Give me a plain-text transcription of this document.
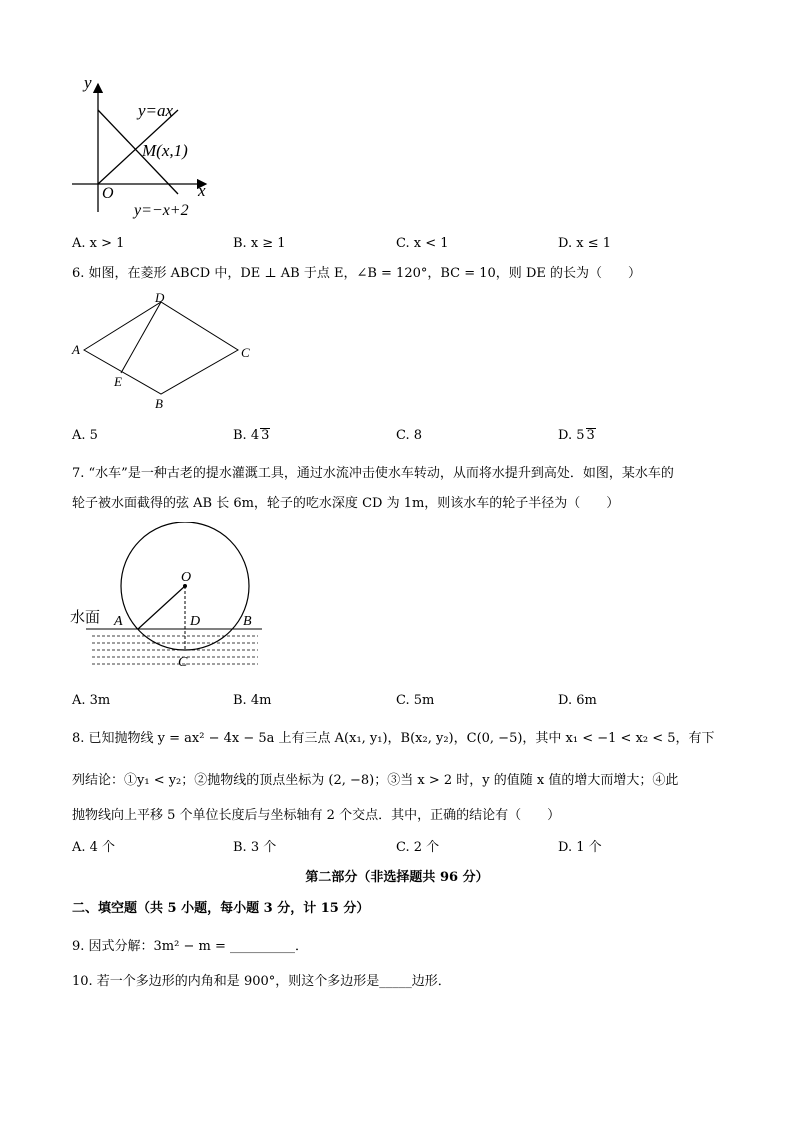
y
x
O
y=ax
M(x,1)
y=−x+2
A. x > 1	B. x ≥ 1	C. x < 1	D. x ≤ 1
6. 如图，在菱形 ABCD 中，DE ⊥ AB 于点 E，∠B = 120°，BC = 10，则 DE 的长为（　　）
A
D
C
E
B
A. 5	B. 4 3	C. 8	D. 5 3
7. “水车”是一种古老的提水灌溉工具，通过水流冲击使水车转动，从而将水提升到高处．如图，某水车的
轮子被水面截得的弦 AB 长 6m，轮子的吃水深度 CD 为 1m，则该水车的轮子半径为（　　）
水面
O
A	D	B
C
A. 3m	B. 4m	C. 5m	D. 6m
8. 已知抛物线 y = ax² − 4x − 5a 上有三点 A(x₁, y₁)，B(x₂, y₂)，C(0, −5)，其中 x₁ < −1 < x₂ < 5，有下
列结论：①y₁ < y₂；②抛物线的顶点坐标为 (2, −8)；③当 x > 2 时，y 的值随 x 值的增大而增大；④此
抛物线向上平移 5 个单位长度后与坐标轴有 2 个交点．其中，正确的结论有（　　）
A. 4 个	B. 3 个	C. 2 个	D. 1 个
第二部分（非选择题共 96 分）
二、填空题（共 5 小题，每小题 3 分，计 15 分）
9. 因式分解：3m² − m = __________．
10. 若一个多边形的内角和是 900°，则这个多边形是_____边形．
